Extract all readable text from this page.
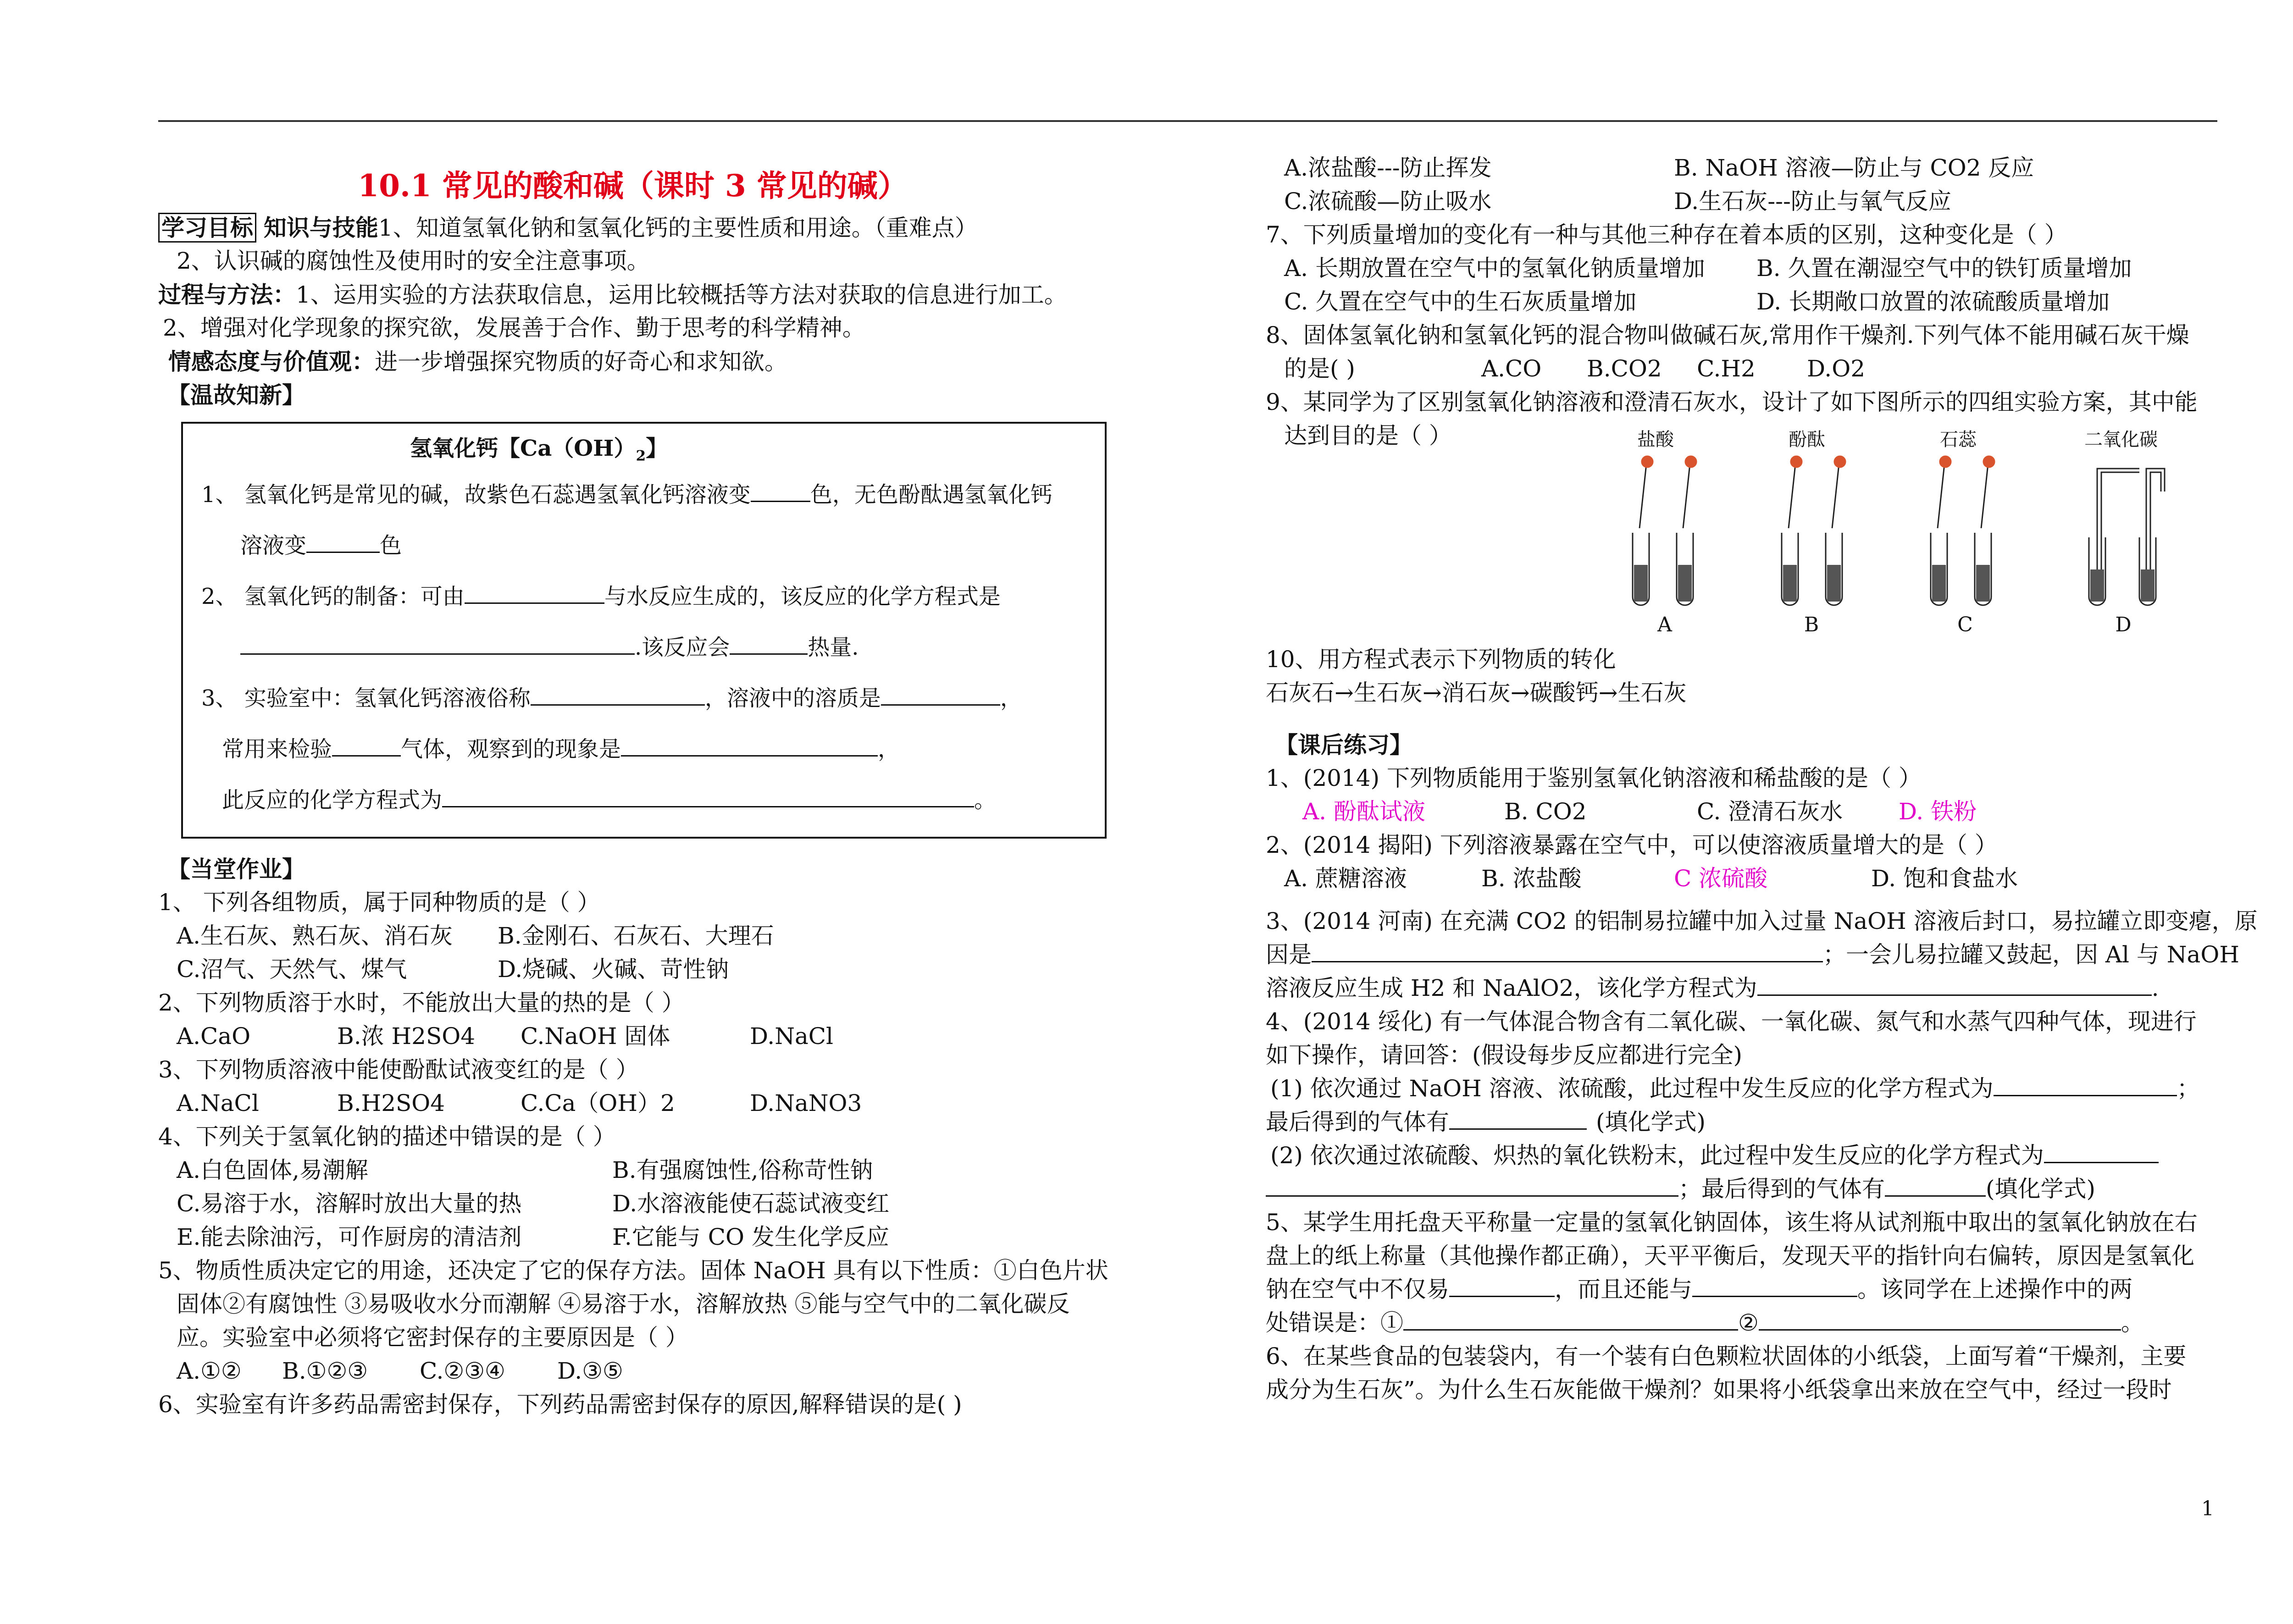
10.1 常见的酸和碱（课时 3 常见的碱）
学习目标 知识与技能1、知道氢氧化钠和氢氧化钙的主要性质和用途。（重难点）
2、认识碱的腐蚀性及使用时的安全注意事项。
过程与方法：1、运用实验的方法获取信息，运用比较概括等方法对获取的信息进行加工。
2、增强对化学现象的探究欲，发展善于合作、勤于思考的科学精神。
情感态度与价值观：进一步增强探究物质的好奇心和求知欲。
【温故知新】
氢氧化钙【$Ca(OH)_2$】
1、 氢氧化钙是常见的碱，故紫色石蕊遇氢氧化钙溶液变	色，无色酚酞遇氢氧化钙
溶液变	色
2、 氢氧化钙的制备：可由	与水反应生成的，该反应的化学方程式是
.该反应会	热量.
3、 实验室中：氢氧化钙溶液俗称	，溶液中的溶质是	，
常用来检验	气体，观察到的现象是	，
此反应的化学方程式为	。
【当堂作业】
1、 下列各组物质，属于同种物质的是（ ）
A.生石灰、熟石灰、消石灰	B.金刚石、石灰石、大理石
C.沼气、天然气、煤气	D.烧碱、火碱、苛性钠
2、下列物质溶于水时，不能放出大量的热的是（ ）
A.CaO	B.浓 H2SO4	C.NaOH 固体	D.NaCl
3、下列物质溶液中能使酚酞试液变红的是（ ）
A.NaCl	B.H2SO4	C.Ca（OH）2	D.NaNO3
4、下列关于氢氧化钠的描述中错误的是（ ）
A.白色固体,易潮解	B.有强腐蚀性,俗称苛性钠
C.易溶于水，溶解时放出大量的热	D.水溶液能使石蕊试液变红
E.能去除油污，可作厨房的清洁剂	F.它能与 CO 发生化学反应
5、物质性质决定它的用途，还决定了它的保存方法。固体 NaOH 具有以下性质：①白色片状
固体②有腐蚀性 ③易吸收水分而潮解 ④易溶于水，溶解放热 ⑤能与空气中的二氧化碳反
应。实验室中必须将它密封保存的主要原因是（ ）
A.①②	B.①②③	C.②③④	D.③⑤
6、实验室有许多药品需密封保存，下列药品需密封保存的原因,解释错误的是( )
A.浓盐酸---防止挥发	B. NaOH 溶液—防止与 CO2 反应
C.浓硫酸—防止吸水	D.生石灰---防止与氧气反应
7、下列质量增加的变化有一种与其他三种存在着本质的区别，这种变化是（ ）
A. 长期放置在空气中的氢氧化钠质量增加	B. 久置在潮湿空气中的铁钉质量增加
C. 久置在空气中的生石灰质量增加	D. 长期敞口放置的浓硫酸质量增加
8、固体氢氧化钠和氢氧化钙的混合物叫做碱石灰,常用作干燥剂.下列气体不能用碱石灰干燥
的是( )	A.CO	B.CO2	C.H2	D.O2
9、某同学为了区别氢氧化钠溶液和澄清石灰水，设计了如下图所示的四组实验方案，其中能
达到目的是（ ）	盐酸	酚酞	石蕊	二氧化碳
A	B	C	D
10、用方程式表示下列物质的转化
石灰石→生石灰→消石灰→碳酸钙→生石灰
【课后练习】
1、(2014) 下列物质能用于鉴别氢氧化钠溶液和稀盐酸的是（ ）
A. 酚酞试液	B. CO2	C. 澄清石灰水	D. 铁粉
2、(2014 揭阳) 下列溶液暴露在空气中，可以使溶液质量增大的是（ ）
A. 蔗糖溶液	B. 浓盐酸	C 浓硫酸	D. 饱和食盐水
3、(2014 河南) 在充满 CO2 的铝制易拉罐中加入过量 NaOH 溶液后封口，易拉罐立即变瘪，原
因是	；一会儿易拉罐又鼓起，因 Al 与 NaOH
溶液反应生成 H2 和 NaAlO2，该化学方程式为	.
4、(2014 绥化) 有一气体混合物含有二氧化碳、一氧化碳、氮气和水蒸气四种气体，现进行
如下操作，请回答：(假设每步反应都进行完全)
(1) 依次通过 NaOH 溶液、浓硫酸，此过程中发生反应的化学方程式为	；
最后得到的气体有	(填化学式)
(2) 依次通过浓硫酸、炽热的氧化铁粉末，此过程中发生反应的化学方程式为
；最后得到的气体有	(填化学式)
5、某学生用托盘天平称量一定量的氢氧化钠固体，该生将从试剂瓶中取出的氢氧化钠放在右
盘上的纸上称量（其他操作都正确），天平平衡后，发现天平的指针向右偏转，原因是氢氧化
钠在空气中不仅易	，而且还能与	。该同学在上述操作中的两
处错误是：①	②	。
6、在某些食品的包装袋内，有一个装有白色颗粒状固体的小纸袋，上面写着“干燥剂，主要
成分为生石灰”。为什么生石灰能做干燥剂？如果将小纸袋拿出来放在空气中，经过一段时
1
